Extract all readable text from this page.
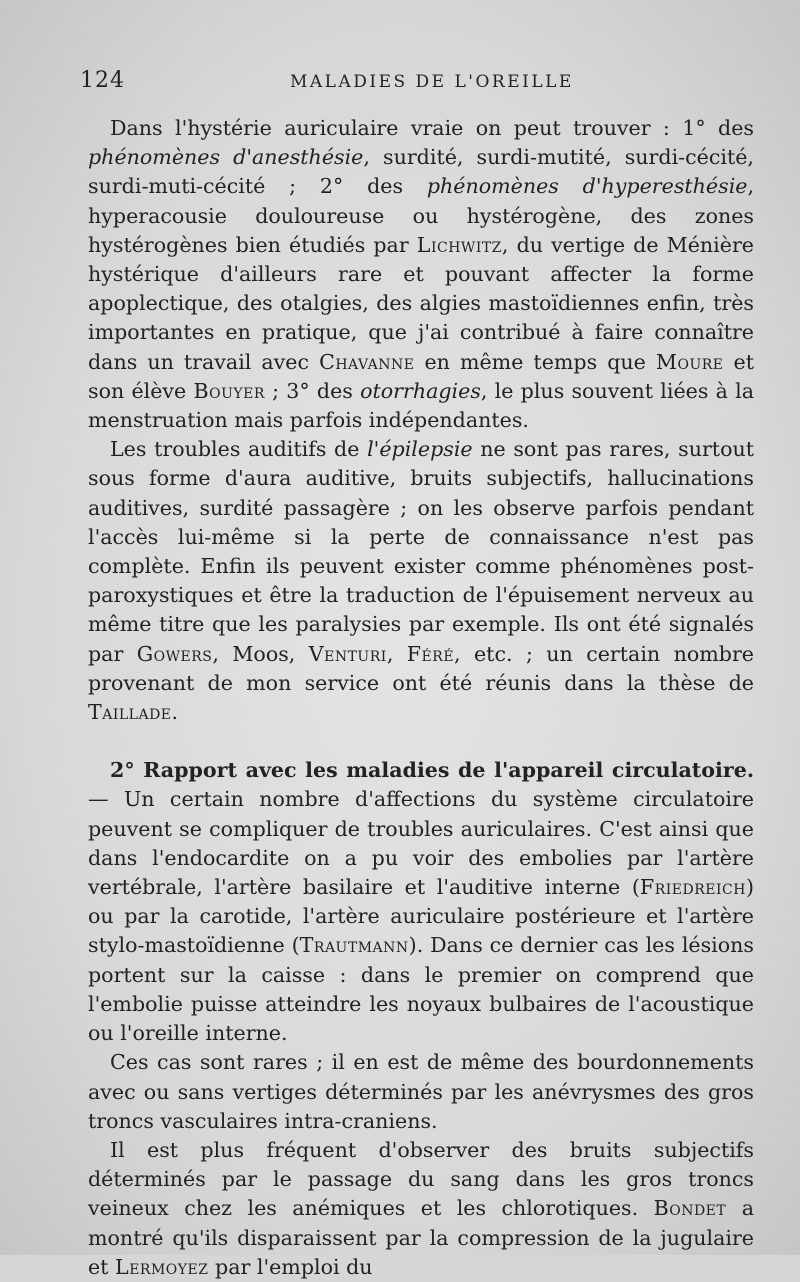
124	MALADIES DE L'OREILLE

Dans l'hystérie auriculaire vraie on peut trouver : 1° des phénomènes d'anesthésie, surdité, surdi-mutité, surdi-cécité, surdi-muti-cécité ; 2° des phénomènes d'hyperesthésie, hyperacousie douloureuse ou hystérogène, des zones hystérogènes bien étudiés par Lichwitz, du vertige de Ménière hystérique d'ailleurs rare et pouvant affecter la forme apoplectique, des otalgies, des algies mastoïdiennes enfin, très importantes en pratique, que j'ai contribué à faire connaître dans un travail avec Chavanne en même temps que Moure et son élève Bouyer ; 3° des otorrhagies, le plus souvent liées à la menstruation mais parfois indépendantes.

Les troubles auditifs de l'épilepsie ne sont pas rares, surtout sous forme d'aura auditive, bruits subjectifs, hallucinations auditives, surdité passagère ; on les observe parfois pendant l'accès lui-même si la perte de connaissance n'est pas complète. Enfin ils peuvent exister comme phénomènes post-paroxystiques et être la traduction de l'épuisement nerveux au même titre que les paralysies par exemple. Ils ont été signalés par Gowers, Moos, Venturi, Féré, etc. ; un certain nombre provenant de mon service ont été réunis dans la thèse de Taillade.

2° Rapport avec les maladies de l'appareil circulatoire. — Un certain nombre d'affections du système circulatoire peuvent se compliquer de troubles auriculaires. C'est ainsi que dans l'endocardite on a pu voir des embolies par l'artère vertébrale, l'artère basilaire et l'auditive interne (Friedreich) ou par la carotide, l'artère auriculaire postérieure et l'artère stylo-mastoïdienne (Trautmann). Dans ce dernier cas les lésions portent sur la caisse : dans le premier on comprend que l'embolie puisse atteindre les noyaux bulbaires de l'acoustique ou l'oreille interne.

Ces cas sont rares ; il en est de même des bourdonnements avec ou sans vertiges déterminés par les anévrysmes des gros troncs vasculaires intra-craniens.

Il est plus fréquent d'observer des bruits subjectifs déterminés par le passage du sang dans les gros troncs veineux chez les anémiques et les chlorotiques. Bondet a montré qu'ils disparaissent par la compression de la jugulaire et Lermoyez par l'emploi du
